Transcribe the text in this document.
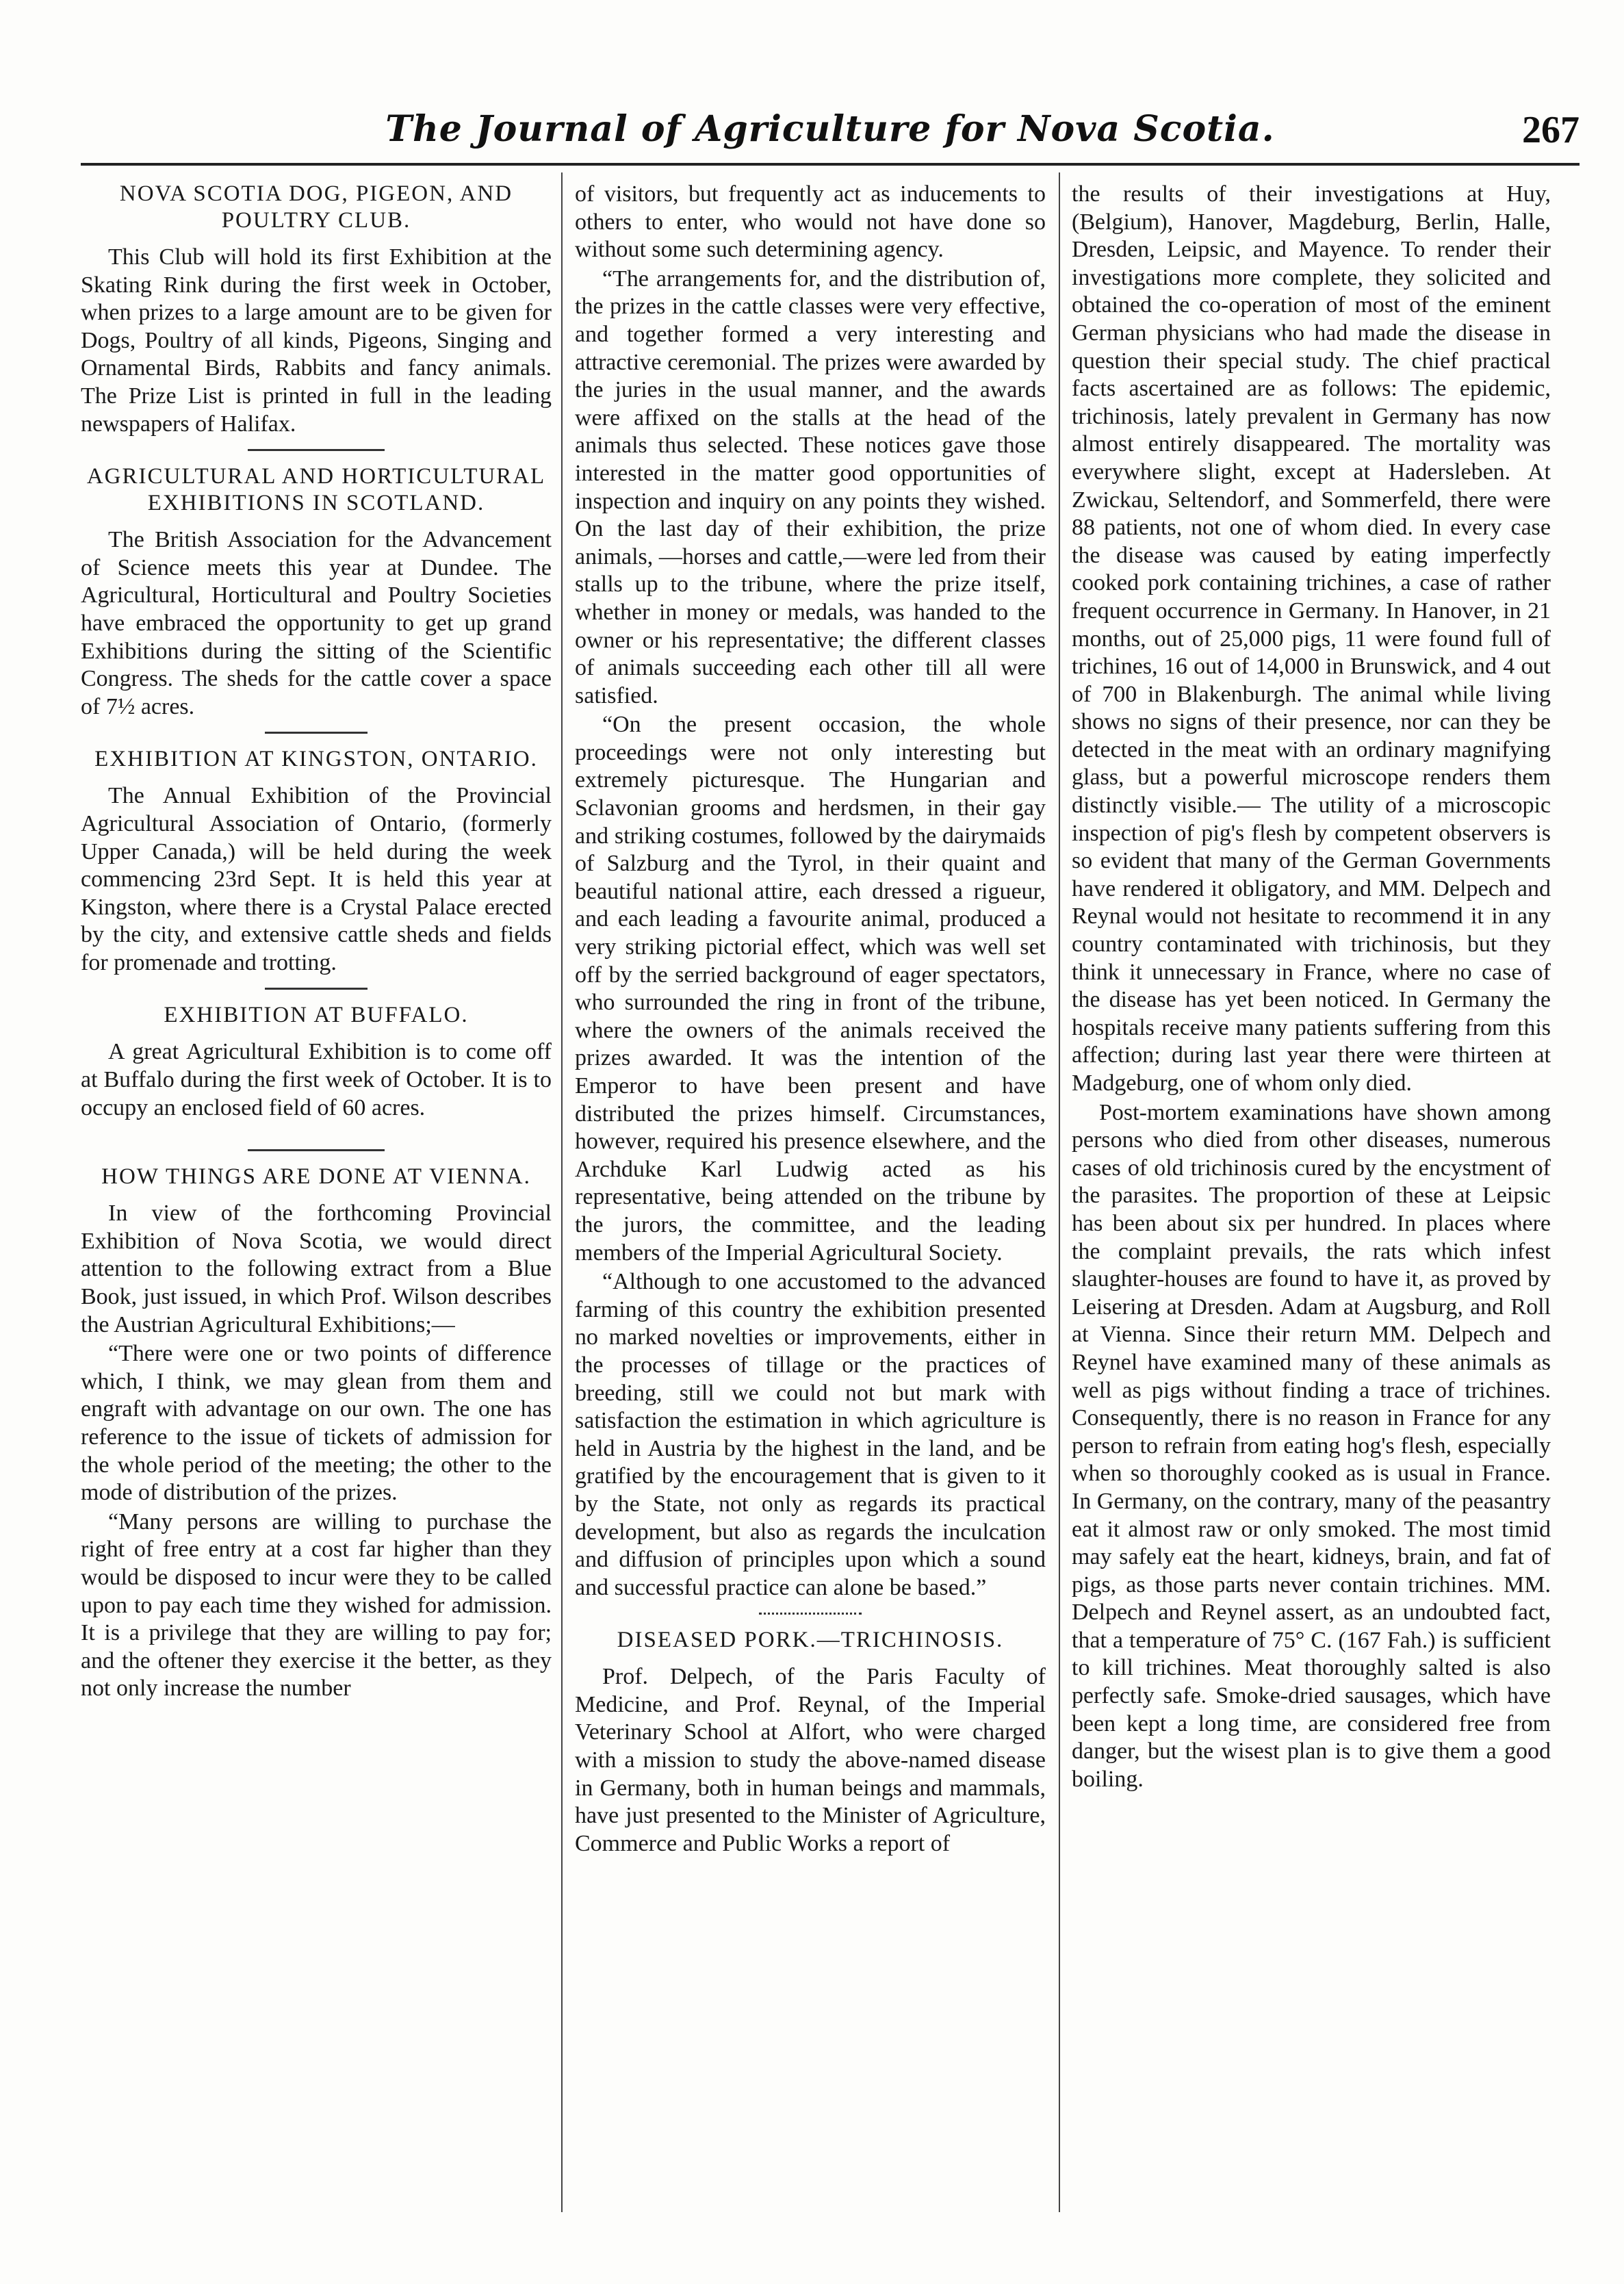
The Journal of Agriculture for Nova Scotia.	267
NOVA SCOTIA DOG, PIGEON, AND POULTRY CLUB.

This Club will hold its first Exhibition at the Skating Rink during the first week in October, when prizes to a large amount are to be given for Dogs, Poultry of all kinds, Pigeons, Singing and Ornamental Birds, Rabbits and fancy animals. The Prize List is printed in full in the leading newspapers of Halifax.

AGRICULTURAL AND HORTICULTURAL EXHIBITIONS IN SCOTLAND.

The British Association for the Advancement of Science meets this year at Dundee. The Agricultural, Horticultural and Poultry Societies have embraced the opportunity to get up grand Exhibitions during the sitting of the Scientific Congress. The sheds for the cattle cover a space of 7½ acres.

EXHIBITION AT KINGSTON, ONTARIO.

The Annual Exhibition of the Provincial Agricultural Association of Ontario, (formerly Upper Canada,) will be held during the week commencing 23rd Sept. It is held this year at Kingston, where there is a Crystal Palace erected by the city, and extensive cattle sheds and fields for promenade and trotting.

EXHIBITION AT BUFFALO.

A great Agricultural Exhibition is to come off at Buffalo during the first week of October. It is to occupy an enclosed field of 60 acres.

HOW THINGS ARE DONE AT VIENNA.

In view of the forthcoming Provincial Exhibition of Nova Scotia, we would direct attention to the following extract from a Blue Book, just issued, in which Prof. Wilson describes the Austrian Agricultural Exhibitions;—

“There were one or two points of difference which, I think, we may glean from them and engraft with advantage on our own. The one has reference to the issue of tickets of admission for the whole period of the meeting; the other to the mode of distribution of the prizes.

“Many persons are willing to purchase the right of free entry at a cost far higher than they would be disposed to incur were they to be called upon to pay each time they wished for admission. It is a privilege that they are willing to pay for; and the oftener they exercise it the better, as they not only increase the number

of visitors, but frequently act as inducements to others to enter, who would not have done so without some such determining agency.

“The arrangements for, and the distribution of, the prizes in the cattle classes were very effective, and together formed a very interesting and attractive ceremonial. The prizes were awarded by the juries in the usual manner, and the awards were affixed on the stalls at the head of the animals thus selected. These notices gave those interested in the matter good opportunities of inspection and inquiry on any points they wished. On the last day of their exhibition, the prize animals, —horses and cattle,—were led from their stalls up to the tribune, where the prize itself, whether in money or medals, was handed to the owner or his representative; the different classes of animals succeeding each other till all were satisfied.

“On the present occasion, the whole proceedings were not only interesting but extremely picturesque. The Hungarian and Sclavonian grooms and herdsmen, in their gay and striking costumes, followed by the dairymaids of Salzburg and the Tyrol, in their quaint and beautiful national attire, each dressed a rigueur, and each leading a favourite animal, produced a very striking pictorial effect, which was well set off by the serried background of eager spectators, who surrounded the ring in front of the tribune, where the owners of the animals received the prizes awarded. It was the intention of the Emperor to have been present and have distributed the prizes himself. Circumstances, however, required his presence elsewhere, and the Archduke Karl Ludwig acted as his representative, being attended on the tribune by the jurors, the committee, and the leading members of the Imperial Agricultural Society.

“Although to one accustomed to the advanced farming of this country the exhibition presented no marked novelties or improvements, either in the processes of tillage or the practices of breeding, still we could not but mark with satisfaction the estimation in which agriculture is held in Austria by the highest in the land, and be gratified by the encouragement that is given to it by the State, not only as regards its practical development, but also as regards the inculcation and diffusion of principles upon which a sound and successful practice can alone be based.”

DISEASED PORK.—TRICHINOSIS.

Prof. Delpech, of the Paris Faculty of Medicine, and Prof. Reynal, of the Imperial Veterinary School at Alfort, who were charged with a mission to study the above-named disease in Germany, both in human beings and mammals, have just presented to the Minister of Agriculture, Commerce and Public Works a report of

the results of their investigations at Huy, (Belgium), Hanover, Magdeburg, Berlin, Halle, Dresden, Leipsic, and Mayence. To render their investigations more complete, they solicited and obtained the co-operation of most of the eminent German physicians who had made the disease in question their special study. The chief practical facts ascertained are as follows: The epidemic, trichinosis, lately prevalent in Germany has now almost entirely disappeared. The mortality was everywhere slight, except at Hadersleben. At Zwickau, Seltendorf, and Sommerfeld, there were 88 patients, not one of whom died. In every case the disease was caused by eating imperfectly cooked pork containing trichines, a case of rather frequent occurrence in Germany. In Hanover, in 21 months, out of 25,000 pigs, 11 were found full of trichines, 16 out of 14,000 in Brunswick, and 4 out of 700 in Blakenburgh. The animal while living shows no signs of their presence, nor can they be detected in the meat with an ordinary magnifying glass, but a powerful microscope renders them distinctly visible.— The utility of a microscopic inspection of pig's flesh by competent observers is so evident that many of the German Governments have rendered it obligatory, and MM. Delpech and Reynal would not hesitate to recommend it in any country contaminated with trichinosis, but they think it unnecessary in France, where no case of the disease has yet been noticed. In Germany the hospitals receive many patients suffering from this affection; during last year there were thirteen at Madgeburg, one of whom only died.

Post-mortem examinations have shown among persons who died from other diseases, numerous cases of old trichinosis cured by the encystment of the parasites. The proportion of these at Leipsic has been about six per hundred. In places where the complaint prevails, the rats which infest slaughter-houses are found to have it, as proved by Leisering at Dresden. Adam at Augsburg, and Roll at Vienna. Since their return MM. Delpech and Reynel have examined many of these animals as well as pigs without finding a trace of trichines. Consequently, there is no reason in France for any person to refrain from eating hog's flesh, especially when so thoroughly cooked as is usual in France. In Germany, on the contrary, many of the peasantry eat it almost raw or only smoked. The most timid may safely eat the heart, kidneys, brain, and fat of pigs, as those parts never contain trichines. MM. Delpech and Reynel assert, as an undoubted fact, that a temperature of 75° C. (167 Fah.) is sufficient to kill trichines. Meat thoroughly salted is also perfectly safe. Smoke-dried sausages, which have been kept a long time, are considered free from danger, but the wisest plan is to give them a good boiling.
